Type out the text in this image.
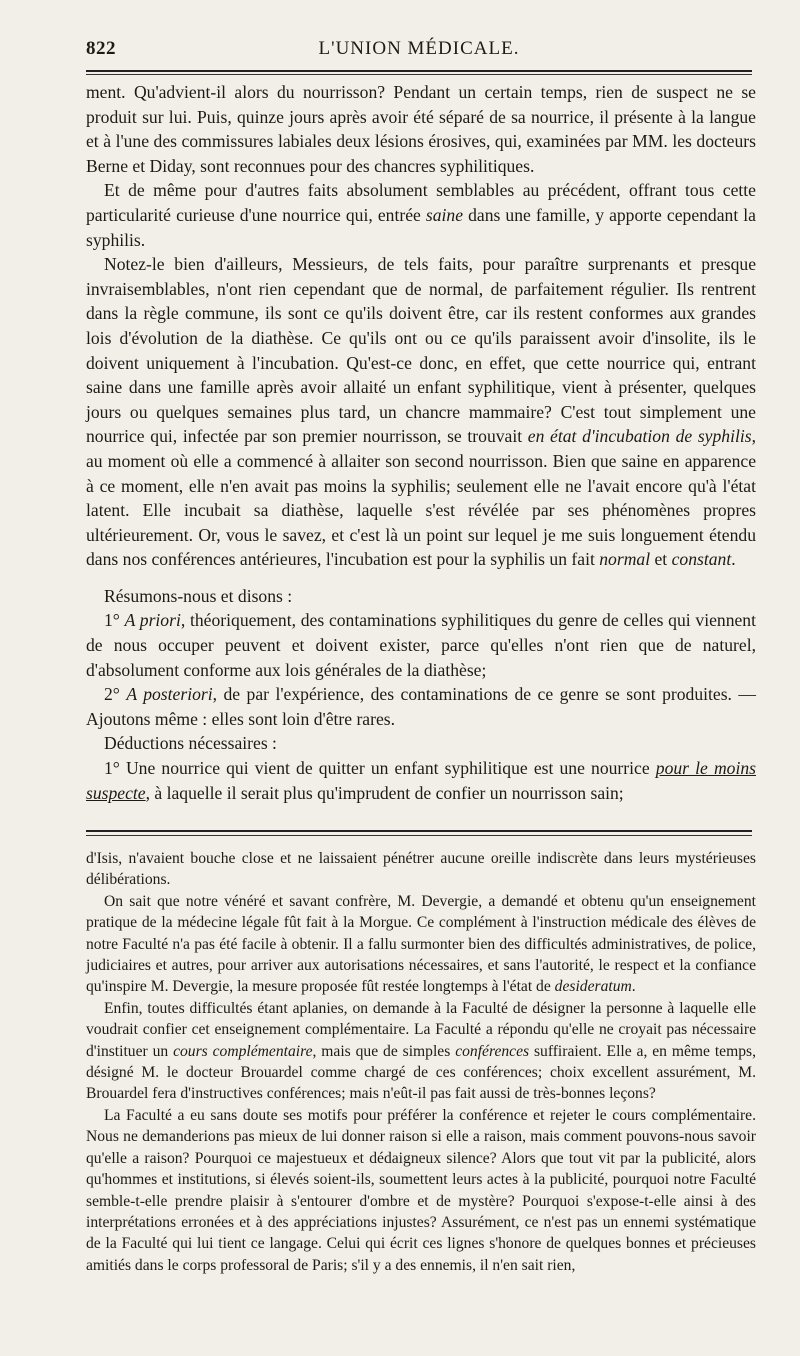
822	L'UNION MÉDICALE.

ment. Qu'advient-il alors du nourrisson? Pendant un certain temps, rien de suspect ne se produit sur lui. Puis, quinze jours après avoir été séparé de sa nourrice, il présente à la langue et à l'une des commissures labiales deux lésions érosives, qui, examinées par MM. les docteurs Berne et Diday, sont reconnues pour des chancres syphilitiques.

Et de même pour d'autres faits absolument semblables au précédent, offrant tous cette particularité curieuse d'une nourrice qui, entrée saine dans une famille, y apporte cependant la syphilis.

Notez-le bien d'ailleurs, Messieurs, de tels faits, pour paraître surprenants et presque invraisemblables, n'ont rien cependant que de normal, de parfaitement régulier. Ils rentrent dans la règle commune, ils sont ce qu'ils doivent être, car ils restent conformes aux grandes lois d'évolution de la diathèse. Ce qu'ils ont ou ce qu'ils paraissent avoir d'insolite, ils le doivent uniquement à l'incubation. Qu'est-ce donc, en effet, que cette nourrice qui, entrant saine dans une famille après avoir allaité un enfant syphilitique, vient à présenter, quelques jours ou quelques semaines plus tard, un chancre mammaire? C'est tout simplement une nourrice qui, infectée par son premier nourrisson, se trouvait en état d'incubation de syphilis, au moment où elle a commencé à allaiter son second nourrisson. Bien que saine en apparence à ce moment, elle n'en avait pas moins la syphilis; seulement elle ne l'avait encore qu'à l'état latent. Elle incubait sa diathèse, laquelle s'est révélée par ses phénomènes propres ultérieurement. Or, vous le savez, et c'est là un point sur lequel je me suis longuement étendu dans nos conférences antérieures, l'incubation est pour la syphilis un fait normal et constant.

Résumons-nous et disons :

1° A priori, théoriquement, des contaminations syphilitiques du genre de celles qui viennent de nous occuper peuvent et doivent exister, parce qu'elles n'ont rien que de naturel, d'absolument conforme aux lois générales de la diathèse;

2° A posteriori, de par l'expérience, des contaminations de ce genre se sont produites. — Ajoutons même : elles sont loin d'être rares.

Déductions nécessaires :

1° Une nourrice qui vient de quitter un enfant syphilitique est une nourrice pour le moins suspecte, à laquelle il serait plus qu'imprudent de confier un nourrisson sain;

d'Isis, n'avaient bouche close et ne laissaient pénétrer aucune oreille indiscrète dans leurs mystérieuses délibérations.

On sait que notre vénéré et savant confrère, M. Devergie, a demandé et obtenu qu'un enseignement pratique de la médecine légale fût fait à la Morgue. Ce complément à l'instruction médicale des élèves de notre Faculté n'a pas été facile à obtenir. Il a fallu surmonter bien des difficultés administratives, de police, judiciaires et autres, pour arriver aux autorisations nécessaires, et sans l'autorité, le respect et la confiance qu'inspire M. Devergie, la mesure proposée fût restée longtemps à l'état de desideratum.

Enfin, toutes difficultés étant aplanies, on demande à la Faculté de désigner la personne à laquelle elle voudrait confier cet enseignement complémentaire. La Faculté a répondu qu'elle ne croyait pas nécessaire d'instituer un cours complémentaire, mais que de simples conférences suffiraient. Elle a, en même temps, désigné M. le docteur Brouardel comme chargé de ces conférences; choix excellent assurément, M. Brouardel fera d'instructives conférences; mais n'eût-il pas fait aussi de très-bonnes leçons?

La Faculté a eu sans doute ses motifs pour préférer la conférence et rejeter le cours complémentaire. Nous ne demanderions pas mieux de lui donner raison si elle a raison, mais comment pouvons-nous savoir qu'elle a raison? Pourquoi ce majestueux et dédaigneux silence? Alors que tout vit par la publicité, alors qu'hommes et institutions, si élevés soient-ils, soumettent leurs actes à la publicité, pourquoi notre Faculté semble-t-elle prendre plaisir à s'entourer d'ombre et de mystère? Pourquoi s'expose-t-elle ainsi à des interprétations erronées et à des appréciations injustes? Assurément, ce n'est pas un ennemi systématique de la Faculté qui lui tient ce langage. Celui qui écrit ces lignes s'honore de quelques bonnes et précieuses amitiés dans le corps professoral de Paris; s'il y a des ennemis, il n'en sait rien,
